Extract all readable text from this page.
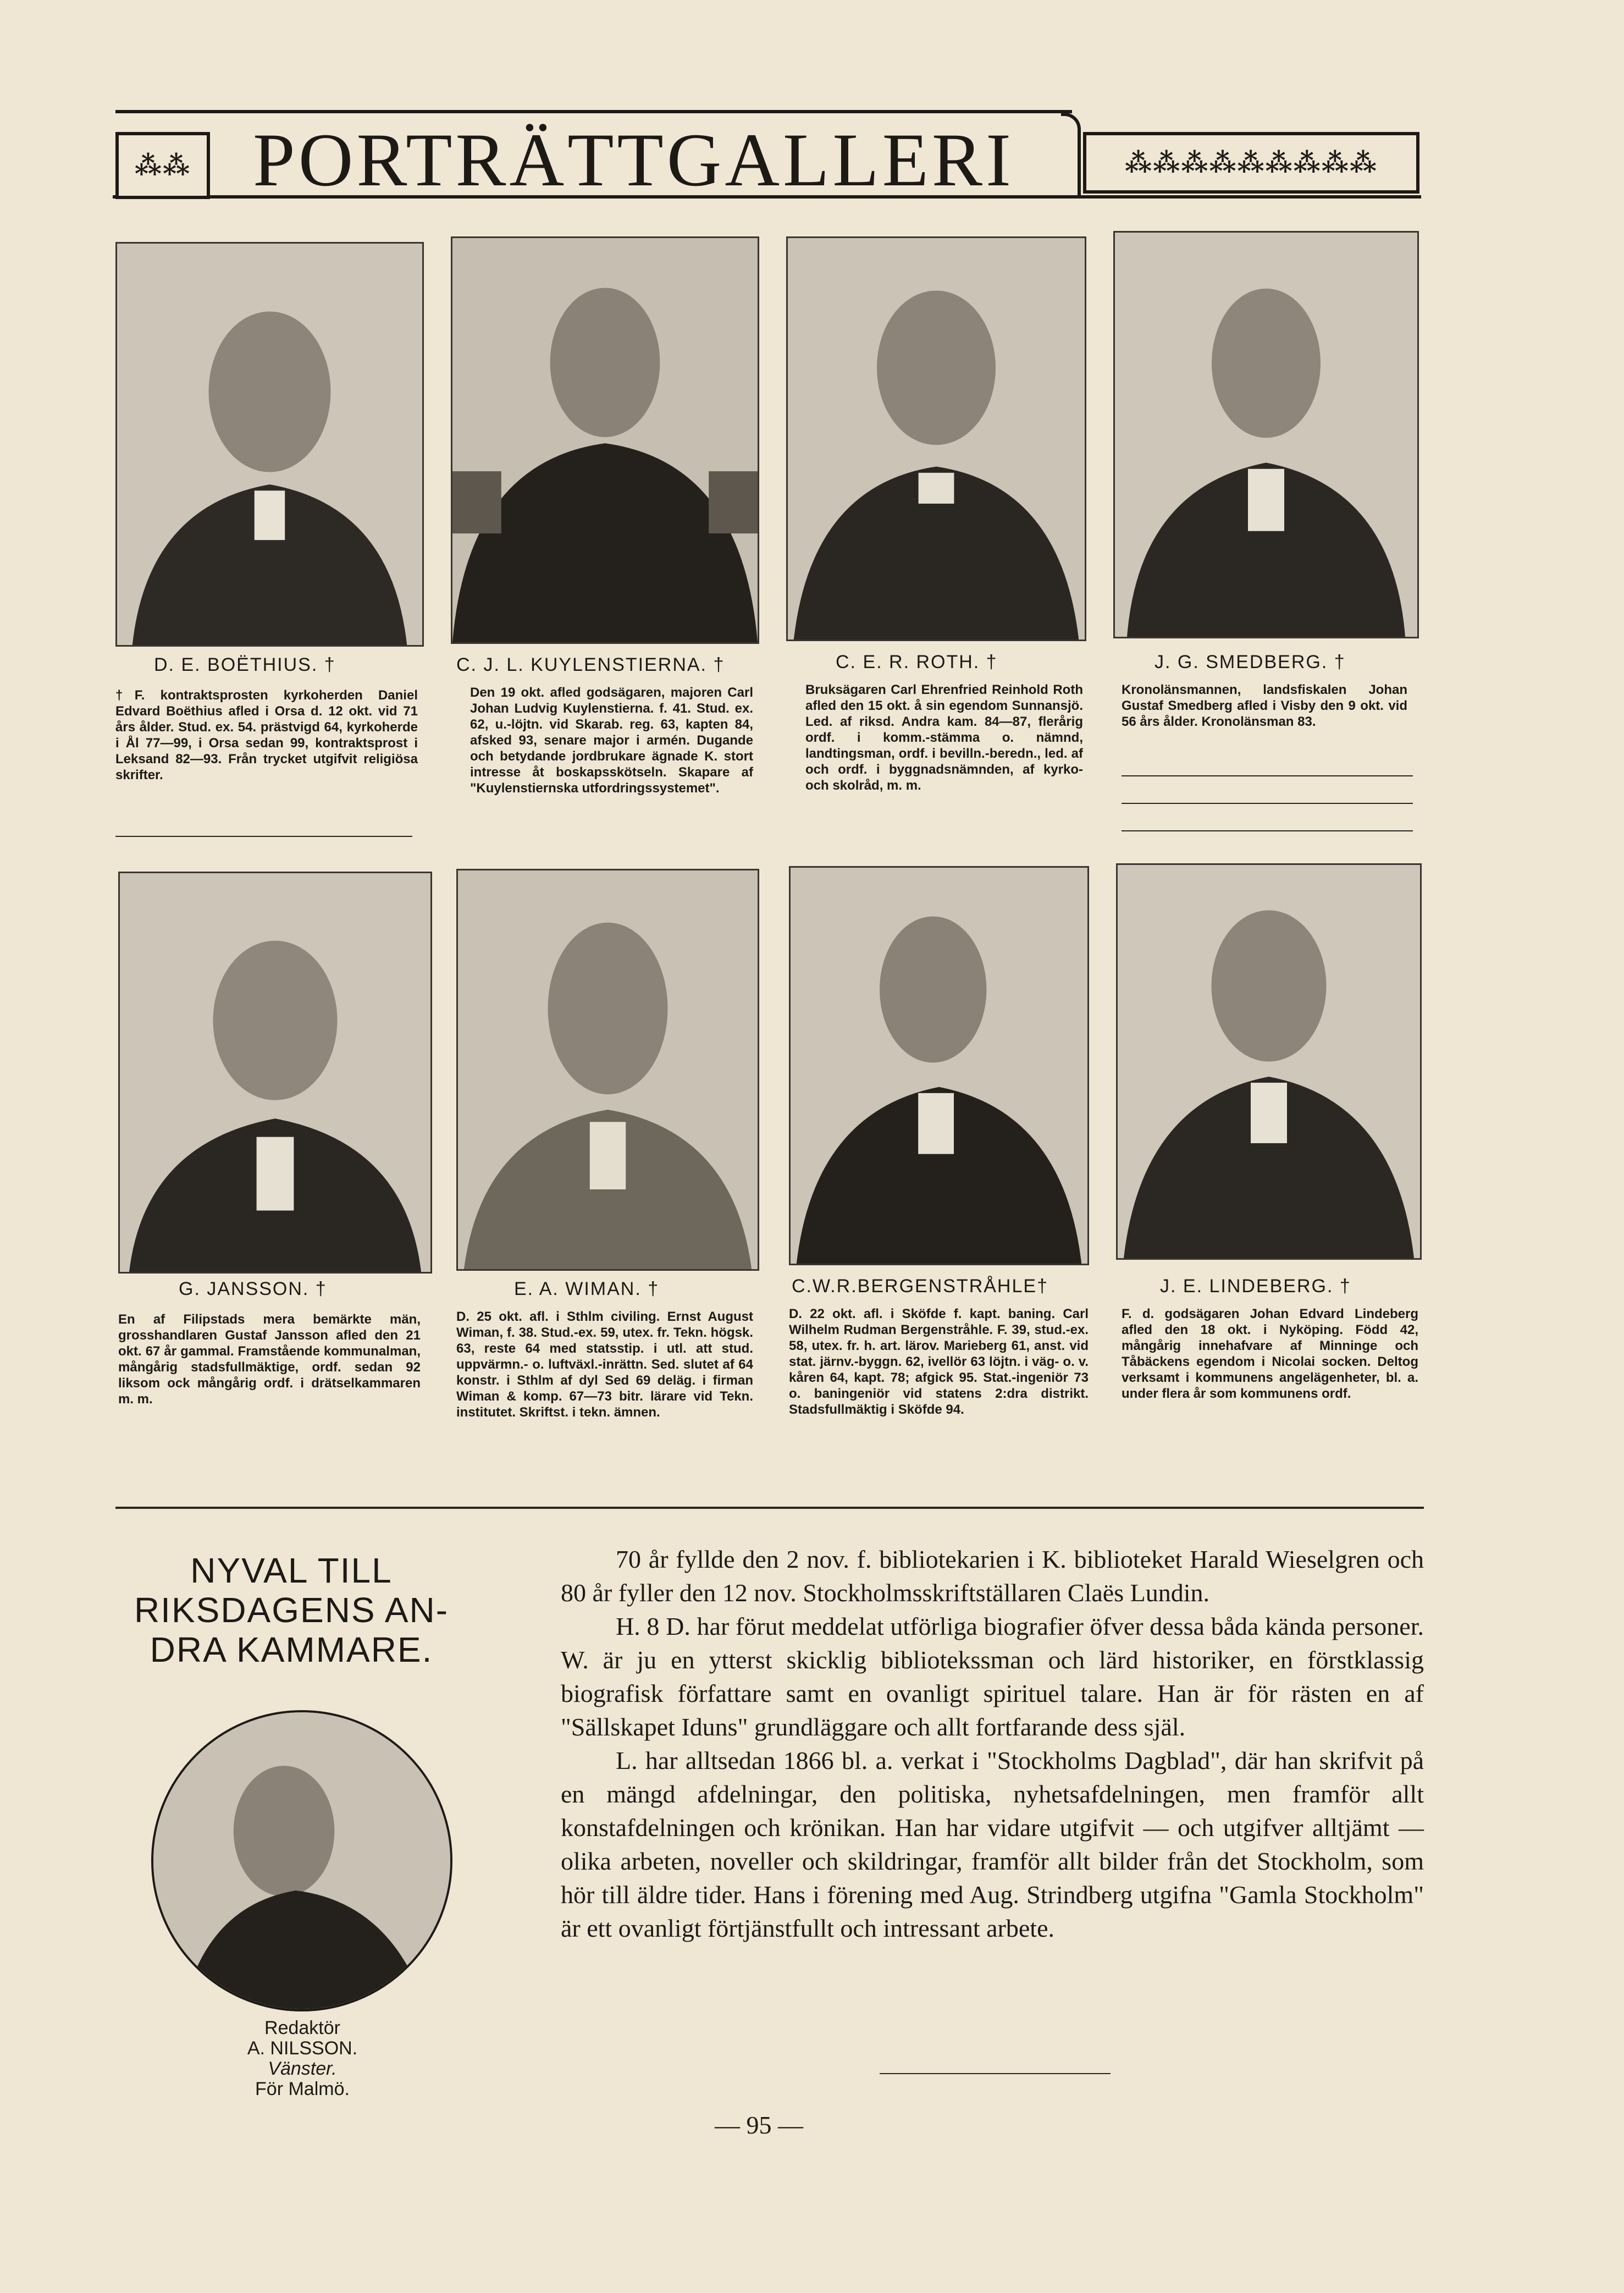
⁂⁂ PORTRÄTTGALLERI	⁂⁂⁂⁂⁂⁂⁂⁂⁂
D. E. BOËTHIUS. †
†F. kontraktsprosten kyrkoherden Daniel Edvard Boëthius afled i Orsa d. 12 okt. vid 71 års ålder. Stud. ex. 54. prästvigd 64, kyrkoherde i Ål 77—99, i Orsa sedan 99, kontraktsprost i Leksand 82—93. Från trycket utgifvit religiösa skrifter.
C. J. L. KUYLENSTIERNA. †
Den 19 okt. afled godsägaren, majoren Carl Johan Ludvig Kuylenstierna. f. 41. Stud. ex. 62, u.-löjtn. vid Skarab. reg. 63, kapten 84, afsked 93, senare major i armén. Dugande och betydande jordbrukare ägnade K. stort intresse åt boskapsskötseln. Skapare af "Kuylenstiernska utfordringssystemet".
C. E. R. ROTH. †
Bruksägaren Carl Ehrenfried Reinhold Roth afled den 15 okt. å sin egendom Sunnansjö. Led. af riksd. Andra kam. 84—87, flerårig ordf. i komm.-stämma o. nämnd, landtingsman, ordf. i bevilln.-beredn., led. af och ordf. i byggnadsnämnden, af kyrko- och skolråd, m. m.
J. G. SMEDBERG. †
Kronolänsmannen, landsfiskalen Johan Gustaf Smedberg afled i Visby den 9 okt. vid 56 års ålder. Kronolänsman 83.
G. JANSSON. †
En af Filipstads mera bemärkte män, grosshandlaren Gustaf Jansson afled den 21 okt. 67 år gammal. Framstående kommunalman, mångårig stadsfullmäktige, ordf. sedan 92 liksom ock mångårig ordf. i drätselkammaren m. m.
E. A. WIMAN. †
D. 25 okt. afl. i Sthlm civiling. Ernst August Wiman, f. 38. Stud.-ex. 59, utex. fr. Tekn. högsk. 63, reste 64 med statsstip. i utl. att stud. uppvärmn.- o. luftväxl.-inrättn. Sed. slutet af 64 konstr. i Sthlm af dyl Sed 69 deläg. i firman Wiman & komp. 67—73 bitr. lärare vid Tekn. institutet. Skriftst. i tekn. ämnen.
C.W.R.BERGENSTRÅHLE†
D. 22 okt. afl. i Sköfde f. kapt. baning. Carl Wilhelm Rudman Bergenstråhle. F. 39, stud.-ex. 58, utex. fr. h. art. lärov. Marieberg 61, anst. vid stat. järnv.-byggn. 62, ivellör 63 löjtn. i väg- o. v. kåren 64, kapt. 78; afgick 95. Stat.-ingeniör 73 o. baningeniör vid statens 2:dra distrikt. Stadsfullmäktig i Sköfde 94.
J. E. LINDEBERG. †
F. d. godsägaren Johan Edvard Lindeberg afled den 18 okt. i Nyköping. Född 42, mångårig innehafvare af Minninge och Tåbäckens egendom i Nicolai socken. Deltog verksamt i kommunens angelägenheter, bl. a. under flera år som kommunens ordf.
NYVAL TILL
RIKSDAGENS AN-
DRA KAMMARE.
Redaktör
A. NILSSON.
Vänster.
För Malmö.

70 år fyllde den 2 nov. f. bibliotekarien i K. biblioteket Harald Wieselgren och 80 år fyller den 12 nov. Stockholmsskriftställaren Claës Lundin.

H. 8 D. har förut meddelat utförliga biografier öfver dessa båda kända personer. W. är ju en ytterst skicklig bibliotekssman och lärd historiker, en förstklassig biografisk författare samt en ovanligt spirituel talare. Han är för rästen en af "Sällskapet Iduns" grundläggare och allt fortfarande dess själ.

L. har alltsedan 1866 bl. a. verkat i "Stockholms Dagblad", där han skrifvit på en mängd afdelningar, den politiska, nyhetsafdelningen, men framför allt konstafdelningen och krönikan. Han har vidare utgifvit — och utgifver alltjämt — olika arbeten, noveller och skildringar, framför allt bilder från det Stockholm, som hör till äldre tider. Hans i förening med Aug. Strindberg utgifna "Gamla Stockholm" är ett ovanligt förtjänstfullt och intressant arbete.

— 95 —
